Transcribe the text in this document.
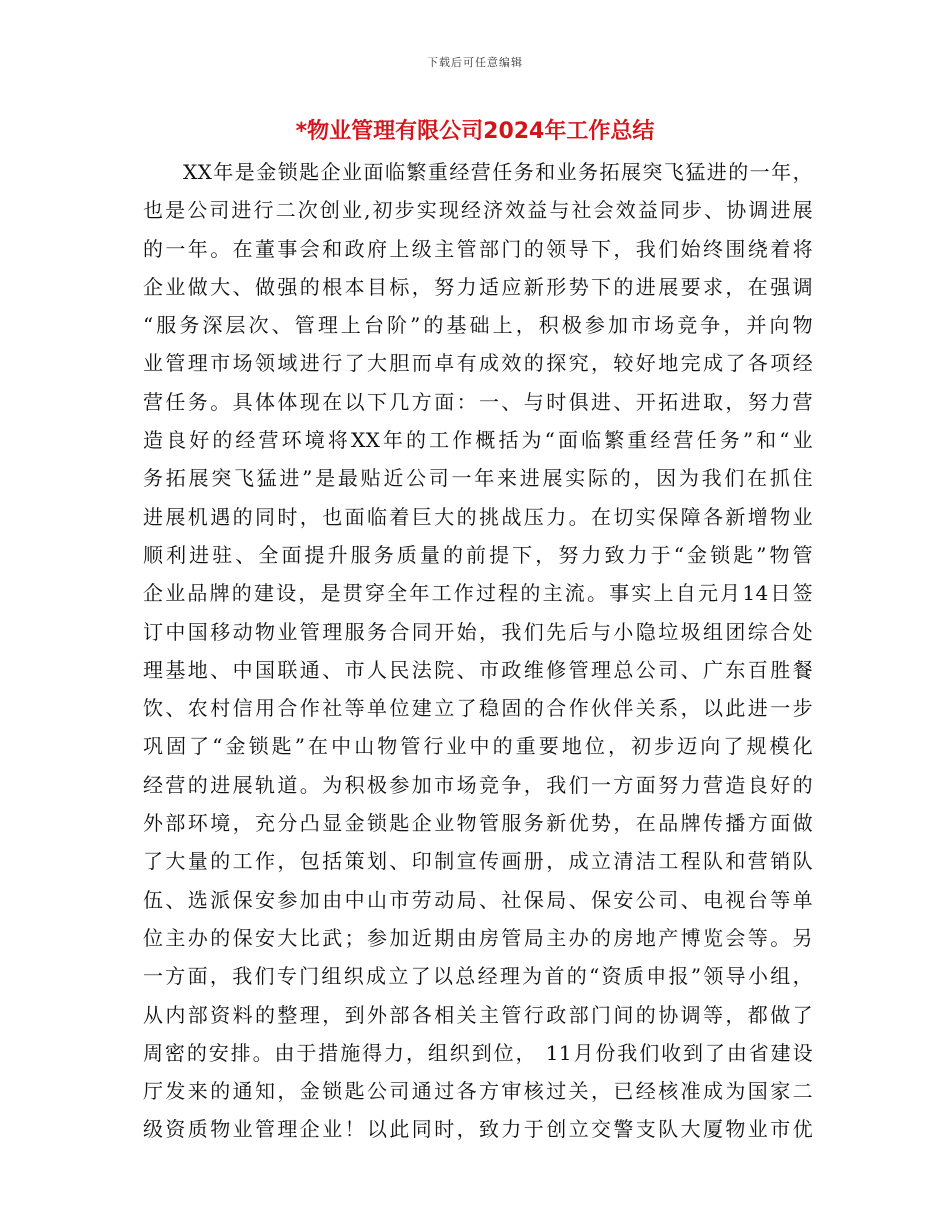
下载后可任意编辑
*物业管理有限公司2024年工作总结
XX年是金锁匙企业面临繁重经营任务和业务拓展突飞猛进的一年，
也是公司进行二次创业,初步实现经济效益与社会效益同步、协调进展
的一年。在董事会和政府上级主管部门的领导下，我们始终围绕着将
企业做大、做强的根本目标，努力适应新形势下的进展要求，在强调
“服务深层次、管理上台阶”的基础上，积极参加市场竞争，并向物
业管理市场领域进行了大胆而卓有成效的探究，较好地完成了各项经
营任务。具体体现在以下几方面：一、与时俱进、开拓进取，努力营
造良好的经营环境将XX年的工作概括为“面临繁重经营任务”和“业
务拓展突飞猛进”是最贴近公司一年来进展实际的，因为我们在抓住
进展机遇的同时，也面临着巨大的挑战压力。在切实保障各新增物业
顺利进驻、全面提升服务质量的前提下，努力致力于“金锁匙”物管
企业品牌的建设，是贯穿全年工作过程的主流。事实上自元月14日签
订中国移动物业管理服务合同开始，我们先后与小隐垃圾组团综合处
理基地、中国联通、市人民法院、市政维修管理总公司、广东百胜餐
饮、农村信用合作社等单位建立了稳固的合作伙伴关系，以此进一步
巩固了“金锁匙”在中山物管行业中的重要地位，初步迈向了规模化
经营的进展轨道。为积极参加市场竞争，我们一方面努力营造良好的
外部环境，充分凸显金锁匙企业物管服务新优势，在品牌传播方面做
了大量的工作，包括策划、印制宣传画册，成立清洁工程队和营销队
伍、选派保安参加由中山市劳动局、社保局、保安公司、电视台等单
位主办的保安大比武；参加近期由房管局主办的房地产博览会等。另
一方面，我们专门组织成立了以总经理为首的“资质申报”领导小组，
从内部资料的整理，到外部各相关主管行政部门间的协调等，都做了
周密的安排。由于措施得力，组织到位， 11月份我们收到了由省建设
厅发来的通知，金锁匙公司通过各方审核过关，已经核准成为国家二
级资质物业管理企业！以此同时，致力于创立交警支队大厦物业市优
